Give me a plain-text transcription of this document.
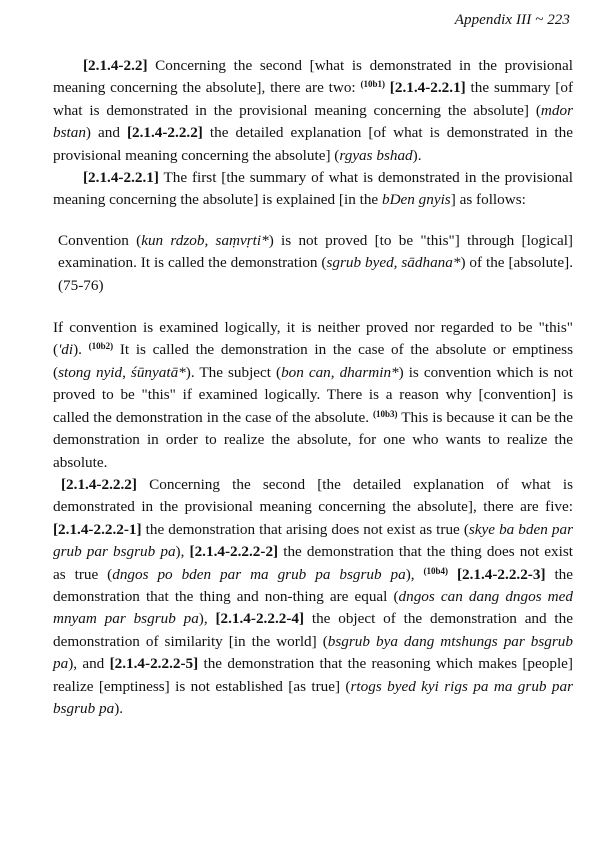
Appendix III ~ 223

[2.1.4-2.2] Concerning the second [what is demonstrated in the provisional meaning concerning the absolute], there are two: $^{(10b1)}$ [2.1.4-2.2.1] the summary [of what is demonstrated in the provisional meaning concerning the absolute] (mdor bstan) and [2.1.4-2.2.2] the detailed explanation [of what is demonstrated in the provisional meaning concerning the absolute] (rgyas bshad).

[2.1.4-2.2.1] The first [the summary of what is demonstrated in the provisional meaning concerning the absolute] is explained [in the bDen gnyis] as follows:

Convention (kun rdzob, saṃvṛti*) is not proved [to be "this"] through [logical] examination. It is called the demonstration (sgrub byed, sādhana*) of the [absolute]. (75-76)

If convention is examined logically, it is neither proved nor regarded to be "this" ('di). $^{(10b2)}$ It is called the demonstration in the case of the absolute or emptiness (stong nyid, śūnyatā*). The subject (bon can, dharmin*) is convention which is not proved to be "this" if examined logically. There is a reason why [convention] is called the demonstration in the case of the absolute. $^{(10b3)}$ This is because it can be the demonstration in order to realize the absolute, for one who wants to realize the absolute.

[2.1.4-2.2.2] Concerning the second [the detailed explanation of what is demonstrated in the provisional meaning concerning the absolute], there are five: [2.1.4-2.2.2-1] the demonstration that arising does not exist as true (skye ba bden par grub par bsgrub pa), [2.1.4-2.2.2-2] the demonstration that the thing does not exist as true (dngos po bden par ma grub pa bsgrub pa), $^{(10b4)}$ [2.1.4-2.2.2-3] the demonstration that the thing and non-thing are equal (dngos can dang dngos med mnyam par bsgrub pa), [2.1.4-2.2.2-4] the object of the demonstration and the demonstration of similarity [in the world] (bsgrub bya dang mtshungs par bsgrub pa), and [2.1.4-2.2.2-5] the demonstration that the reasoning which makes [people] realize [emptiness] is not established [as true] (rtogs byed kyi rigs pa ma grub par bsgrub pa).
